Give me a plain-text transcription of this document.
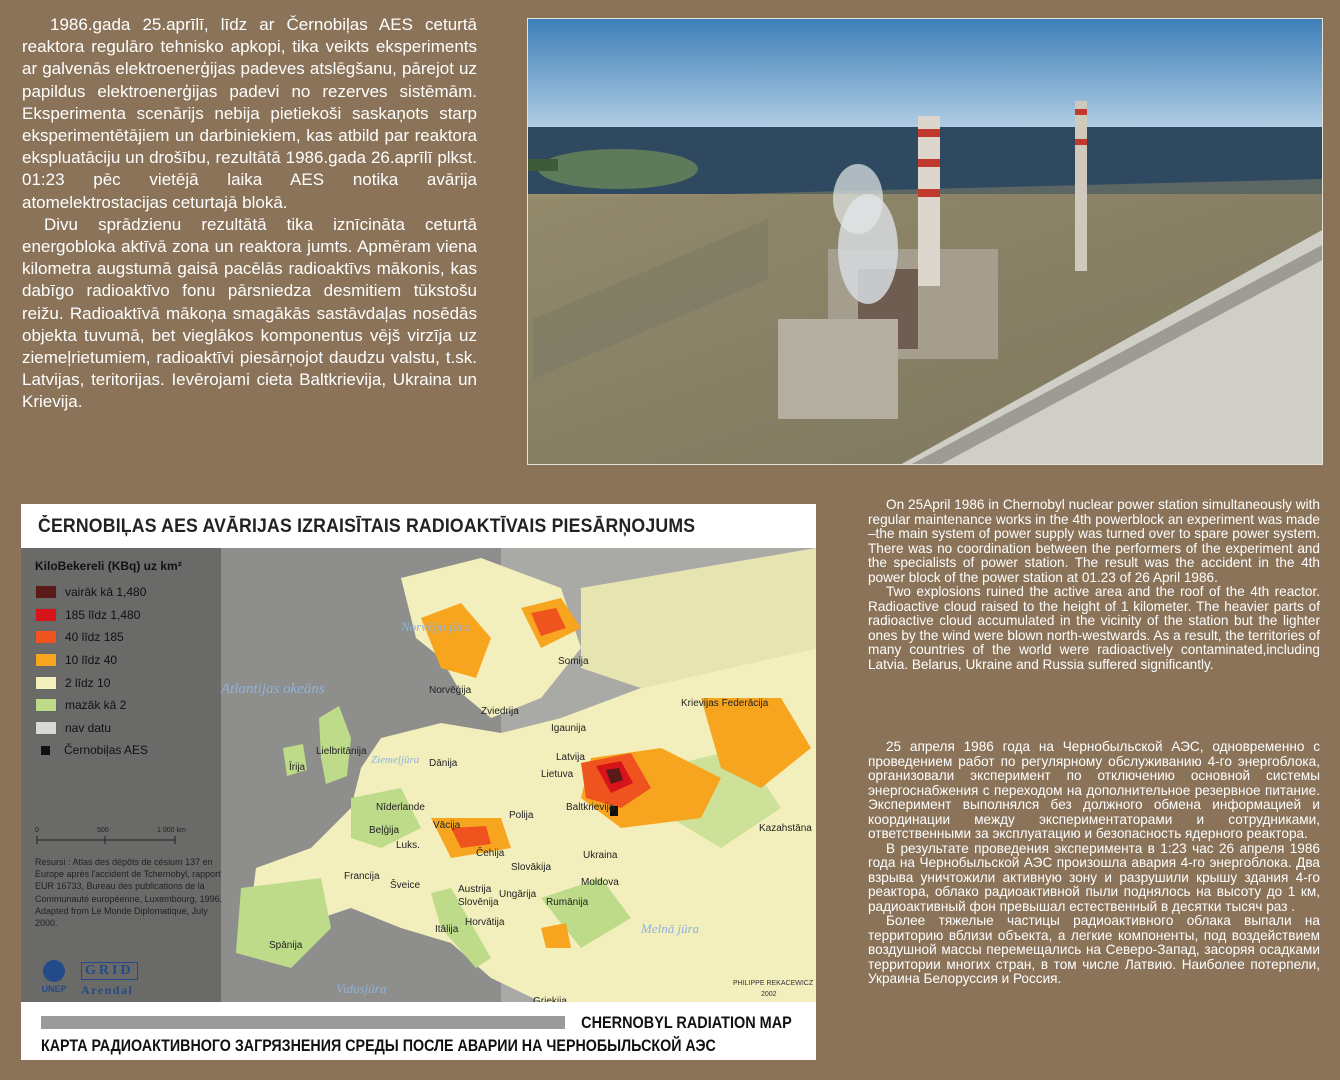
1986.gada 25.aprīlī, līdz ar Černobiļas AES ceturtā reaktora regulāro tehnisko apkopi, tika veikts eksperiments ar galvenās elektroenerģijas padeves atslēgšanu, pārejot uz papildus elektroenerģijas padevi no rezerves sistēmām. Eksperimenta scenārijs nebija pietiekoši saskaņots starp eksperimentētājiem un darbiniekiem, kas atbild par reaktora ekspluatāciju un drošību, rezultātā 1986.gada 26.aprīlī plkst. 01:23 pēc vietējā laika AES notika avārija atomelektrostacijas ceturtajā blokā.

Divu sprādzienu rezultātā tika iznīcināta ceturtā energobloka aktīvā zona un reaktora jumts. Apmēram viena kilometra augstumā gaisā pacēlās radioaktīvs mākonis, kas dabīgo radioaktīvo fonu pārsniedza desmitiem tūkstošu reižu. Radioaktīvā mākoņa smagākās sastāvdaļas nosēdās objekta tuvumā, bet vieglākos komponentus vējš virzīja uz ziemeļrietumiem, radioaktīvi piesārņojot daudzu valstu, t.sk. Latvijas, teritorijas. Ievērojami cieta Baltkrievija, Ukraina un Krievija.

ČERNOBIĻAS AES AVĀRIJAS IZRAISĪTAIS RADIOAKTĪVAIS PIESĀRŅOJUMS
Norvēģu jūra
Atlantijas okeāns
Ziemeļjūra
Melnā jūra
Vidusjūra
Somija
Norvēģija
Zviedrija
Krievijas Federācija
Igaunija
Latvija
Lietuva
Lielbritānija
Īrija	Dānija
Nīderlande
Beļģija
Luks.
Vācija
Polija
Baltkrievija
Ukraina
Kazahstāna
Francija
Čehija
Slovākija
Šveice	Austrija Ungārija
Moldova
Slovēnija
Horvātija
Rumānija
Spānija
Itālija
Grieķija
KiloBekereli (KBq) uz km²
vairāk kā 1,480
185 līdz 1,480
40 līdz 185
10 līdz 40
2 līdz 10
mazāk kā 2
nav datu
Černobiļas AES
0	500	1 000 km
Resursi : Atlas des dépôts de césium 137 en Europe après l'accident de Tchernobyl, rapport EUR 16733, Bureau des publications de la Communauté européenne, Luxembourg, 1996. Adapted from Le Monde Diplomatique, July 2000.
UNEP
GRID
Arendal	PHILIPPE REKACEWICZ
2002
CHERNOBYL RADIATION MAP
КАРТА РАДИОАКТИВНОГО ЗАГРЯЗНЕНИЯ СРЕДЫ ПОСЛЕ АВАРИИ НА ЧЕРНОБЫЛЬСКОЙ АЭС

On 25April 1986 in Chernobyl nuclear power station simultaneously with regular maintenance works in the 4th powerblock an experiment was made –the main system of power supply was turned over to spare power system. There was no coordination between the performers of the experiment and the specialists of power station. The result was the accident in the 4th power block of the power station at 01.23 of 26 April 1986.

Two explosions ruined the active area and the roof of the 4th reactor. Radioactive cloud raised to the height of 1 kilometer. The heavier parts of radioactive cloud accumulated in the vicinity of the station but the lighter ones by the wind were blown north-westwards. As a result, the territories of many countries of the world were radioactively contaminated,including Latvia. Belarus, Ukraine and Russia suffered significantly.

25 апреля 1986 года на Чернобыльской АЭС, одновременно с проведением работ по регулярному обслуживанию 4-го энергоблока, организовали эксперимент по отключению основной системы энергоснабжения с переходом на дополнительное резервное питание. Эксперимент выполнялся без должного обмена информацией и координации между экспериментаторами и сотрудниками, ответственными за эксплуатацию и безопасность ядерного реактора.

В результате проведения эксперимента в 1:23 час 26 апреля 1986 года на Чернобыльской АЭС произошла авария 4-го энергоблока. Два взрыва уничтожили активную зону и разрушили крышу здания 4-го реактора, облако радиоактивной пыли поднялось на высоту до 1 км, радиоактивный фон превышал естественный в десятки тысяч раз .

Более тяжелые частицы радиоактивного облака выпали на территорию вблизи объекта, а легкие компоненты, под воздействием воздушной массы перемещались на Северо-Запад, засоряя осадками территории многих стран, в том числе Латвию. Наиболее потерпели, Украина Белоруссия и Россия.
